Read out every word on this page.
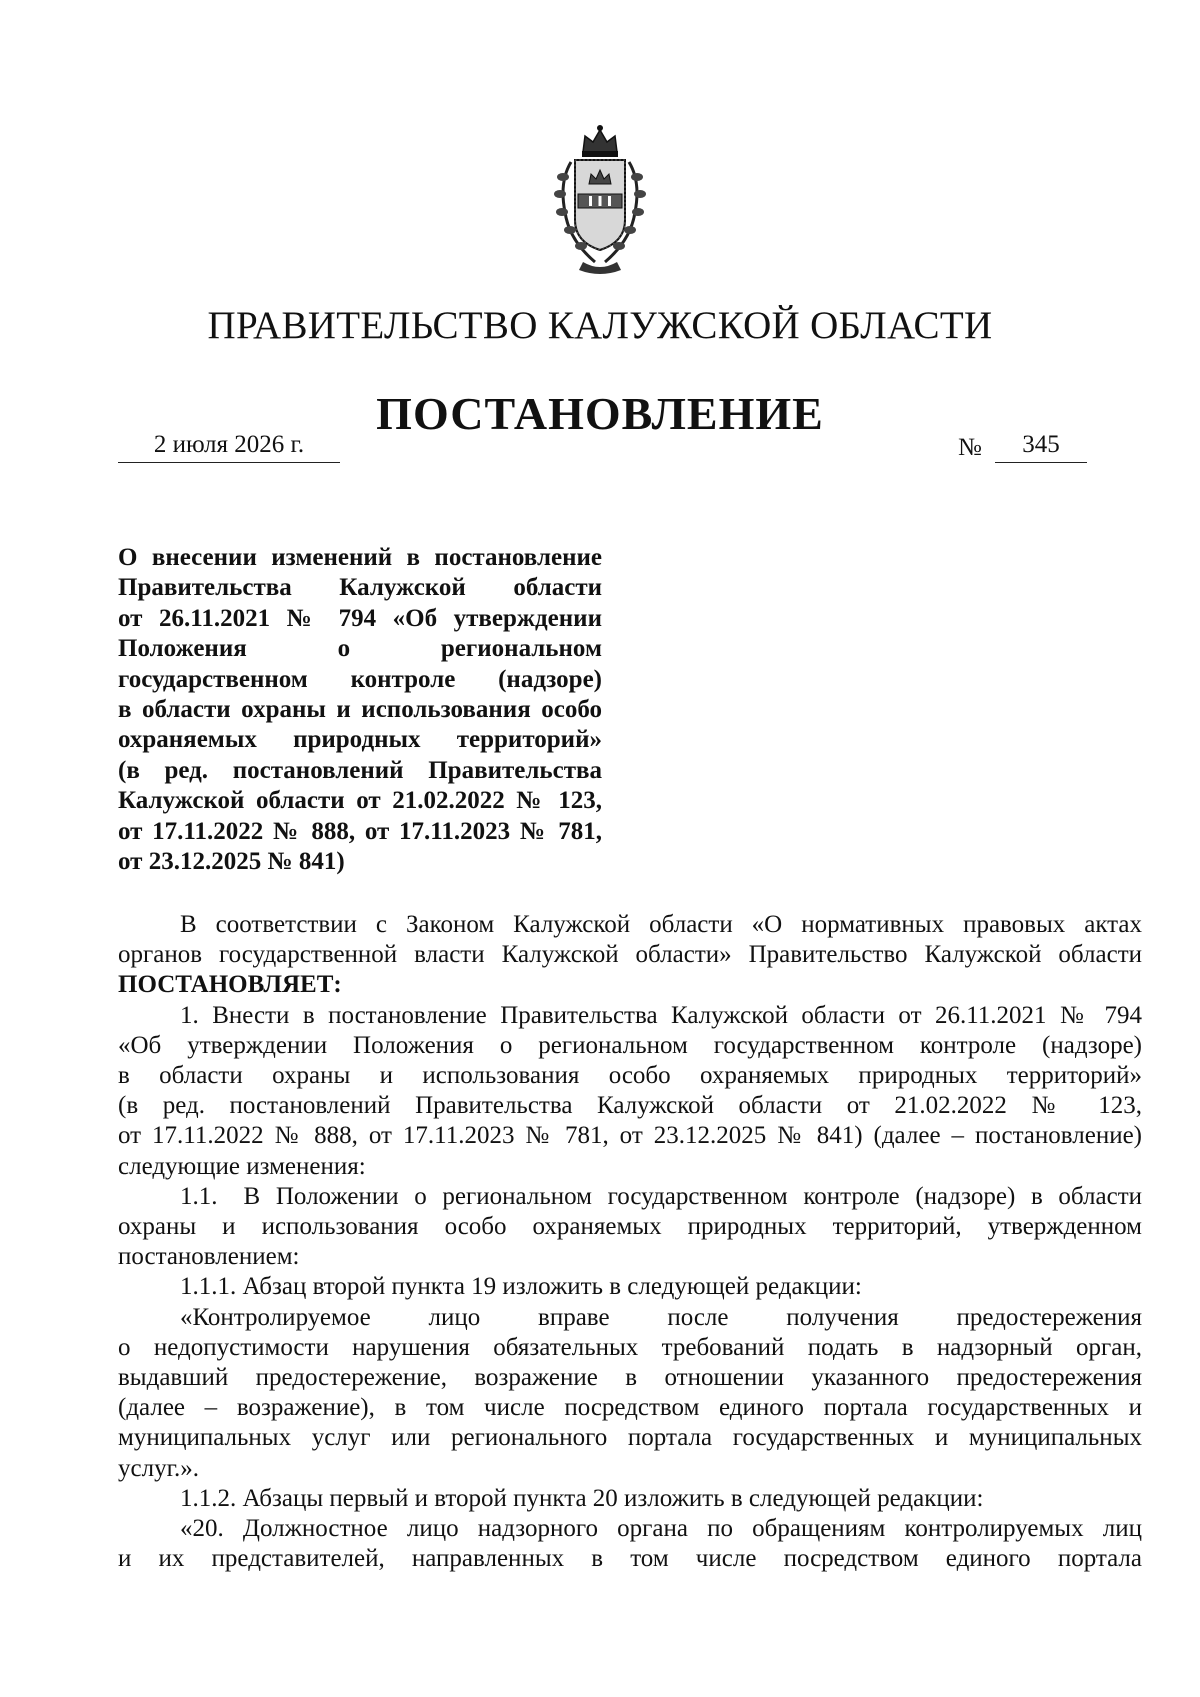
ПРАВИТЕЛЬСТВО КАЛУЖСКОЙ ОБЛАСТИ
ПОСТАНОВЛЕНИЕ
2 июля 2026 г.	№	345
О внесении изменений в постановление
Правительства Калужской области
от 26.11.2021 № 794 «Об утверждении
Положения о региональном
государственном контроле (надзоре)
в области охраны и использования особо
охраняемых природных территорий»
(в ред. постановлений Правительства
Калужской области от 21.02.2022 № 123,
от 17.11.2022 № 888, от 17.11.2023 № 781,
от 23.12.2025 № 841)
В соответствии с Законом Калужской области «О нормативных правовых актах
органов государственной власти Калужской области» Правительство Калужской области
ПОСТАНОВЛЯЕТ:
1. Внести в постановление Правительства Калужской области от 26.11.2021 № 794
«Об утверждении Положения о региональном государственном контроле (надзоре)
в области охраны и использования особо охраняемых природных территорий»
(в ред. постановлений Правительства Калужской области от 21.02.2022 № 123,
от 17.11.2022 № 888, от 17.11.2023 № 781, от 23.12.2025 № 841) (далее – постановление)
следующие изменения:
1.1. В Положении о региональном государственном контроле (надзоре) в области
охраны и использования особо охраняемых природных территорий, утвержденном
постановлением:
1.1.1. Абзац второй пункта 19 изложить в следующей редакции:
«Контролируемое лицо вправе после получения предостережения
о недопустимости нарушения обязательных требований подать в надзорный орган,
выдавший предостережение, возражение в отношении указанного предостережения
(далее – возражение), в том числе посредством единого портала государственных и
муниципальных услуг или регионального портала государственных и муниципальных
услуг.».
1.1.2. Абзацы первый и второй пункта 20 изложить в следующей редакции:
«20. Должностное лицо надзорного органа по обращениям контролируемых лиц
и их представителей, направленных в том числе посредством единого портала
